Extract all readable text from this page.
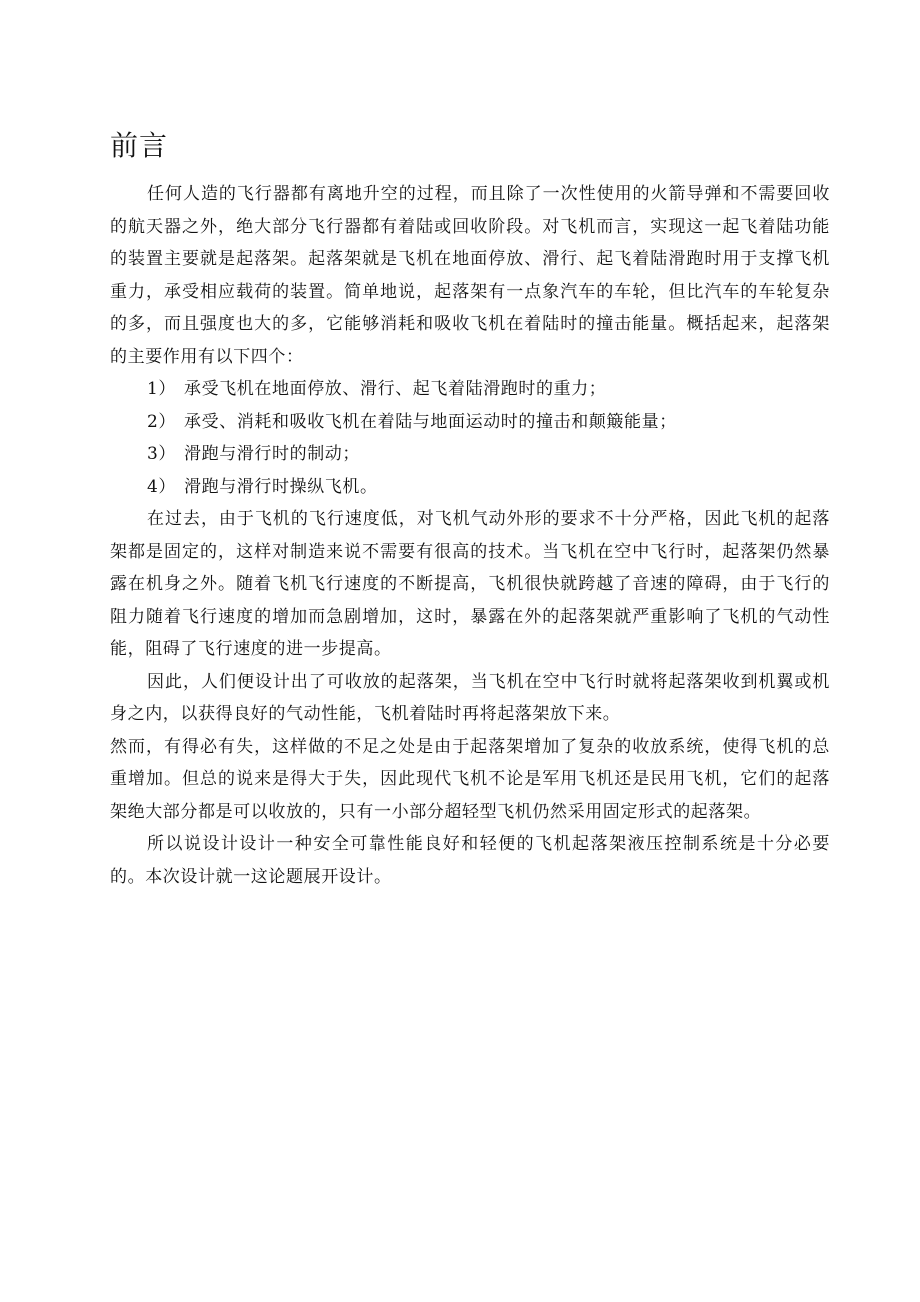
前言

任何人造的飞行器都有离地升空的过程，而且除了一次性使用的火箭导弹和不需要回收的航天器之外，绝大部分飞行器都有着陆或回收阶段。对飞机而言，实现这一起飞着陆功能的装置主要就是起落架。起落架就是飞机在地面停放、滑行、起飞着陆滑跑时用于支撑飞机重力，承受相应载荷的装置。简单地说，起落架有一点象汽车的车轮，但比汽车的车轮复杂的多，而且强度也大的多，它能够消耗和吸收飞机在着陆时的撞击能量。概括起来，起落架的主要作用有以下四个：

1） 承受飞机在地面停放、滑行、起飞着陆滑跑时的重力；
2） 承受、消耗和吸收飞机在着陆与地面运动时的撞击和颠簸能量；
3） 滑跑与滑行时的制动；
4） 滑跑与滑行时操纵飞机。

在过去，由于飞机的飞行速度低，对飞机气动外形的要求不十分严格，因此飞机的起落架都是固定的，这样对制造来说不需要有很高的技术。当飞机在空中飞行时，起落架仍然暴露在机身之外。随着飞机飞行速度的不断提高，飞机很快就跨越了音速的障碍，由于飞行的阻力随着飞行速度的增加而急剧增加，这时，暴露在外的起落架就严重影响了飞机的气动性能，阻碍了飞行速度的进一步提高。

因此，人们便设计出了可收放的起落架，当飞机在空中飞行时就将起落架收到机翼或机身之内，以获得良好的气动性能，飞机着陆时再将起落架放下来。

然而，有得必有失，这样做的不足之处是由于起落架增加了复杂的收放系统，使得飞机的总重增加。但总的说来是得大于失，因此现代飞机不论是军用飞机还是民用飞机，它们的起落架绝大部分都是可以收放的，只有一小部分超轻型飞机仍然采用固定形式的起落架。

所以说设计设计一种安全可靠性能良好和轻便的飞机起落架液压控制系统是十分必要的。本次设计就一这论题展开设计。
